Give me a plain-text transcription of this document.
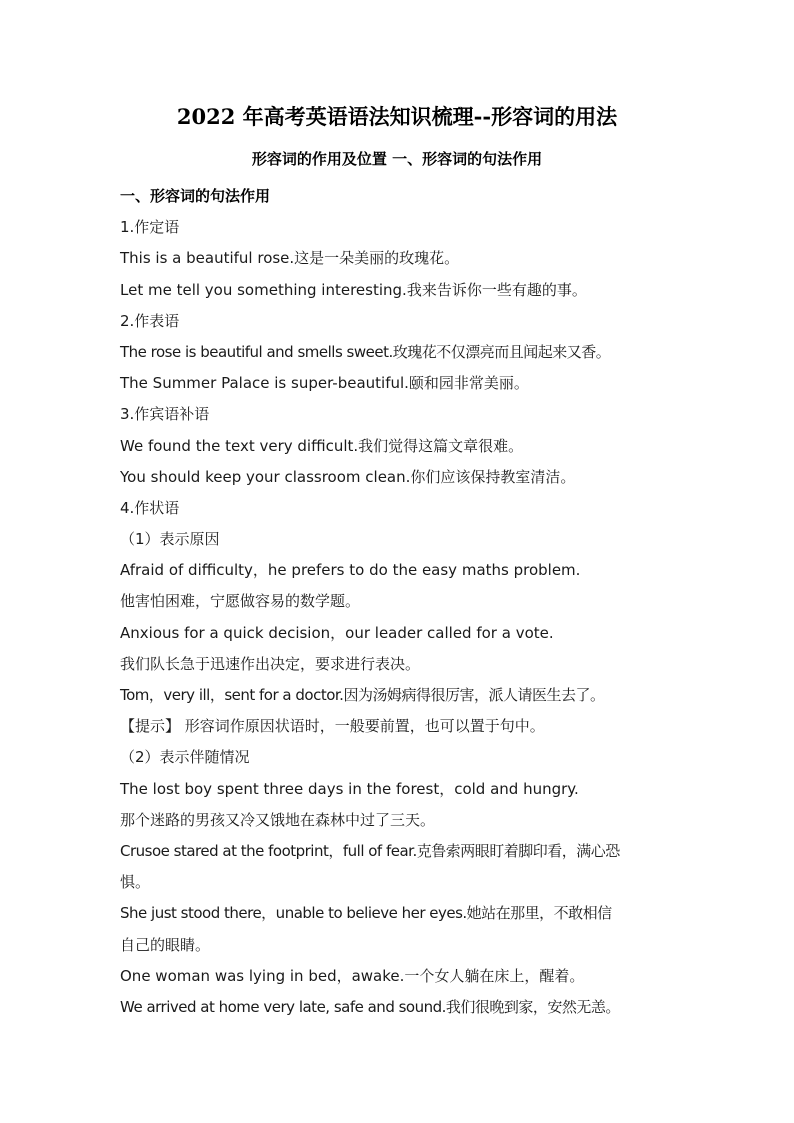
2022 年高考英语语法知识梳理--形容词的用法
形容词的作用及位置 一、形容词的句法作用
一、形容词的句法作用
1.作定语
This is a beautiful rose.这是一朵美丽的玫瑰花。
Let me tell you something interesting.我来告诉你一些有趣的事。
2.作表语
The rose is beautiful and smells sweet.玫瑰花不仅漂亮而且闻起来又香。
The Summer Palace is super-beautiful.颐和园非常美丽。
3.作宾语补语
We found the text very difficult.我们觉得这篇文章很难。
You should keep your classroom clean.你们应该保持教室清洁。
4.作状语
（1）表示原因
Afraid of difficulty，he prefers to do the easy maths problem.
他害怕困难，宁愿做容易的数学题。
Anxious for a quick decision，our leader called for a vote.
我们队长急于迅速作出决定，要求进行表决。
Tom，very ill，sent for a doctor.因为汤姆病得很厉害，派人请医生去了。
【提示】 形容词作原因状语时，一般要前置，也可以置于句中。
（2）表示伴随情况
The lost boy spent three days in the forest，cold and hungry.
那个迷路的男孩又冷又饿地在森林中过了三天。
Crusoe stared at the footprint，full of fear.克鲁索两眼盯着脚印看，满心恐
惧。
She just stood there，unable to believe her eyes.她站在那里，不敢相信
自己的眼睛。
One woman was lying in bed，awake.一个女人躺在床上，醒着。
We arrived at home very late, safe and sound.我们很晚到家，安然无恙。
